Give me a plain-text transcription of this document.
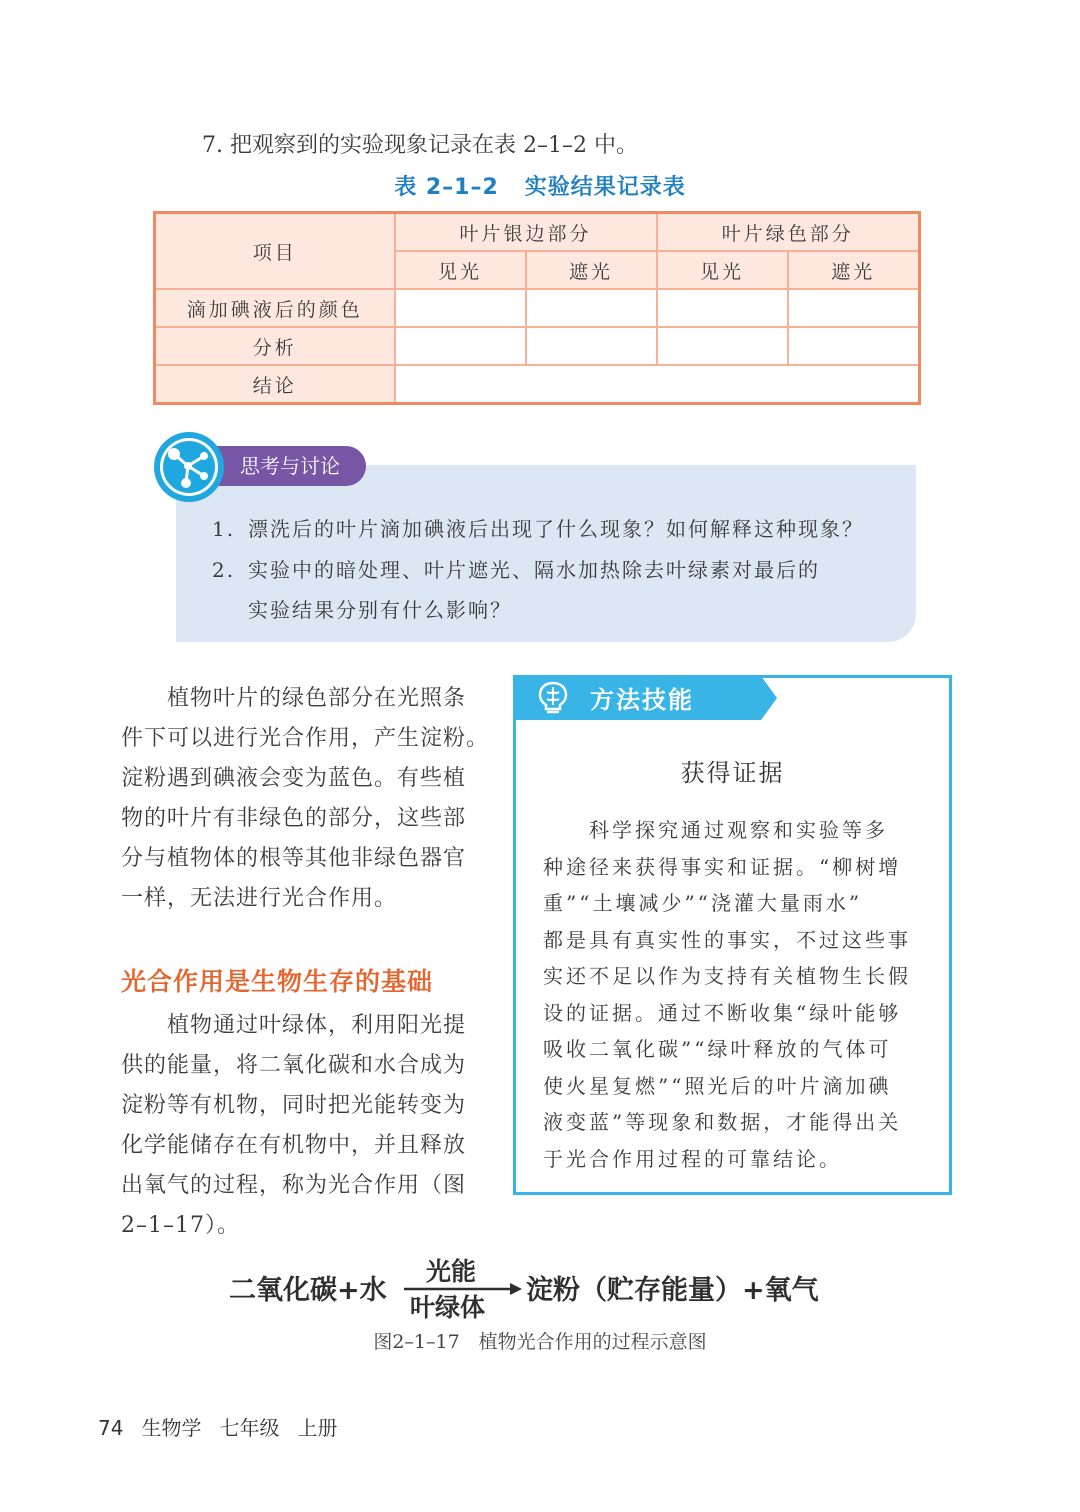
7. 把观察到的实验现象记录在表 2–1–2 中。
表 2–1–2 实验结果记录表
项目	叶片银边部分		叶片绿色部分	
	见光	遮光	见光	遮光
滴加碘液后的颜色				
分析				
结论				
思考与讨论
1. 漂洗后的叶片滴加碘液后出现了什么现象？如何解释这种现象？
2. 实验中的暗处理、叶片遮光、隔水加热除去叶绿素对最后的
实验结果分别有什么影响？
　　植物叶片的绿色部分在光照条
件下可以进行光合作用，产生淀粉。
淀粉遇到碘液会变为蓝色。有些植
物的叶片有非绿色的部分，这些部
分与植物体的根等其他非绿色器官
一样，无法进行光合作用。
光合作用是生物生存的基础
　　植物通过叶绿体，利用阳光提
供的能量，将二氧化碳和水合成为
淀粉等有机物，同时把光能转变为
化学能储存在有机物中，并且释放
出氧气的过程，称为光合作用（图
2–1–17）。
方法技能
获得证据
　　科学探究通过观察和实验等多
种途径来获得事实和证据。“柳树增
重”“土壤减少”“浇灌大量雨水”
都是具有真实性的事实，不过这些事
实还不足以作为支持有关植物生长假
设的证据。通过不断收集“绿叶能够
吸收二氧化碳”“绿叶释放的气体可
使火星复燃”“照光后的叶片滴加碘
液变蓝”等现象和数据，才能得出关
于光合作用过程的可靠结论。
二氧化碳+水
光能
叶绿体
淀粉（贮存能量）+氧气
图2–1–17　植物光合作用的过程示意图
74 生物学 七年级 上册
